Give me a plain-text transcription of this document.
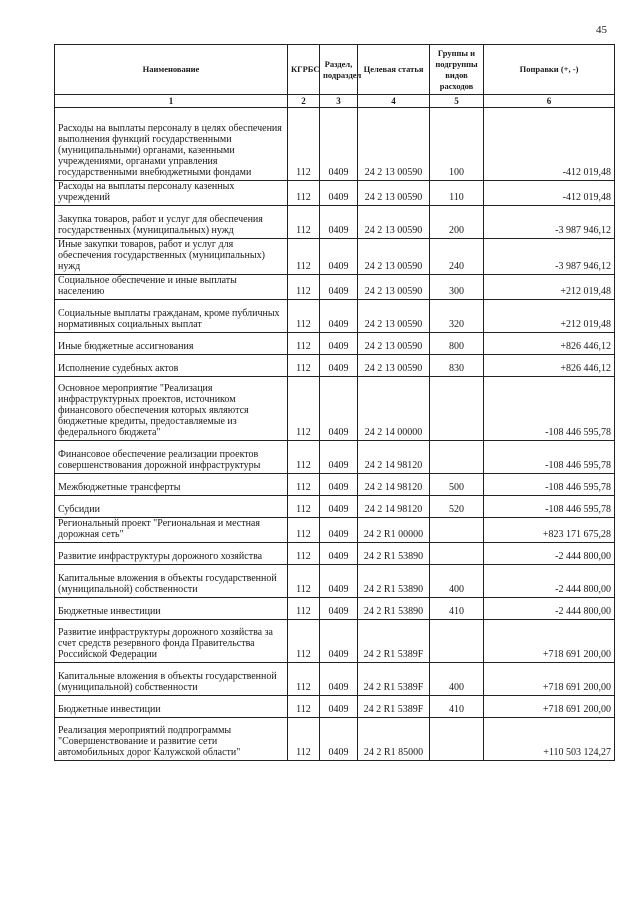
45
Наименование	КГРБС	Раздел, подраздел	Целевая статья	Группы и подгруппы видов расходов	Поправки (+, -)
1	2	3	4	5	6
Расходы на выплаты персоналу в целях обеспечения выполнения функций государственными (муниципальными) органами, казенными учреждениями, органами управления государственными внебюджетными фондами	112	0409	24 2 13 00590	100	-412 019,48
Расходы на выплаты персоналу казенных учреждений	112	0409	24 2 13 00590	110	-412 019,48
Закупка товаров, работ и услуг для обеспечения государственных (муниципальных) нужд	112	0409	24 2 13 00590	200	-3 987 946,12
Иные закупки товаров, работ и услуг для обеспечения государственных (муниципальных) нужд	112	0409	24 2 13 00590	240	-3 987 946,12
Социальное обеспечение и иные выплаты населению	112	0409	24 2 13 00590	300	+212 019,48
Социальные выплаты гражданам, кроме публичных нормативных социальных выплат	112	0409	24 2 13 00590	320	+212 019,48
Иные бюджетные ассигнования	112	0409	24 2 13 00590	800	+826 446,12
Исполнение судебных актов	112	0409	24 2 13 00590	830	+826 446,12
Основное мероприятие "Реализация инфраструктурных проектов, источником финансового обеспечения которых являются бюджетные кредиты, предоставляемые из федерального бюджета"	112	0409	24 2 14 00000		-108 446 595,78
Финансовое обеспечение реализации проектов совершенствования дорожной инфраструктуры	112	0409	24 2 14 98120		-108 446 595,78
Межбюджетные трансферты	112	0409	24 2 14 98120	500	-108 446 595,78
Субсидии	112	0409	24 2 14 98120	520	-108 446 595,78
Региональный проект "Региональная и местная дорожная сеть"	112	0409	24 2 R1 00000		+823 171 675,28
Развитие инфраструктуры дорожного хозяйства	112	0409	24 2 R1 53890		-2 444 800,00
Капитальные вложения в объекты государственной (муниципальной) собственности	112	0409	24 2 R1 53890	400	-2 444 800,00
Бюджетные инвестиции	112	0409	24 2 R1 53890	410	-2 444 800,00
Развитие инфраструктуры дорожного хозяйства за счет средств резервного фонда Правительства Российской Федерации	112	0409	24 2 R1 5389F		+718 691 200,00
Капитальные вложения в объекты государственной (муниципальной) собственности	112	0409	24 2 R1 5389F	400	+718 691 200,00
Бюджетные инвестиции	112	0409	24 2 R1 5389F	410	+718 691 200,00
Реализация мероприятий подпрограммы "Совершенствование и развитие сети автомобильных дорог Калужской области"	112	0409	24 2 R1 85000		+110 503 124,27
